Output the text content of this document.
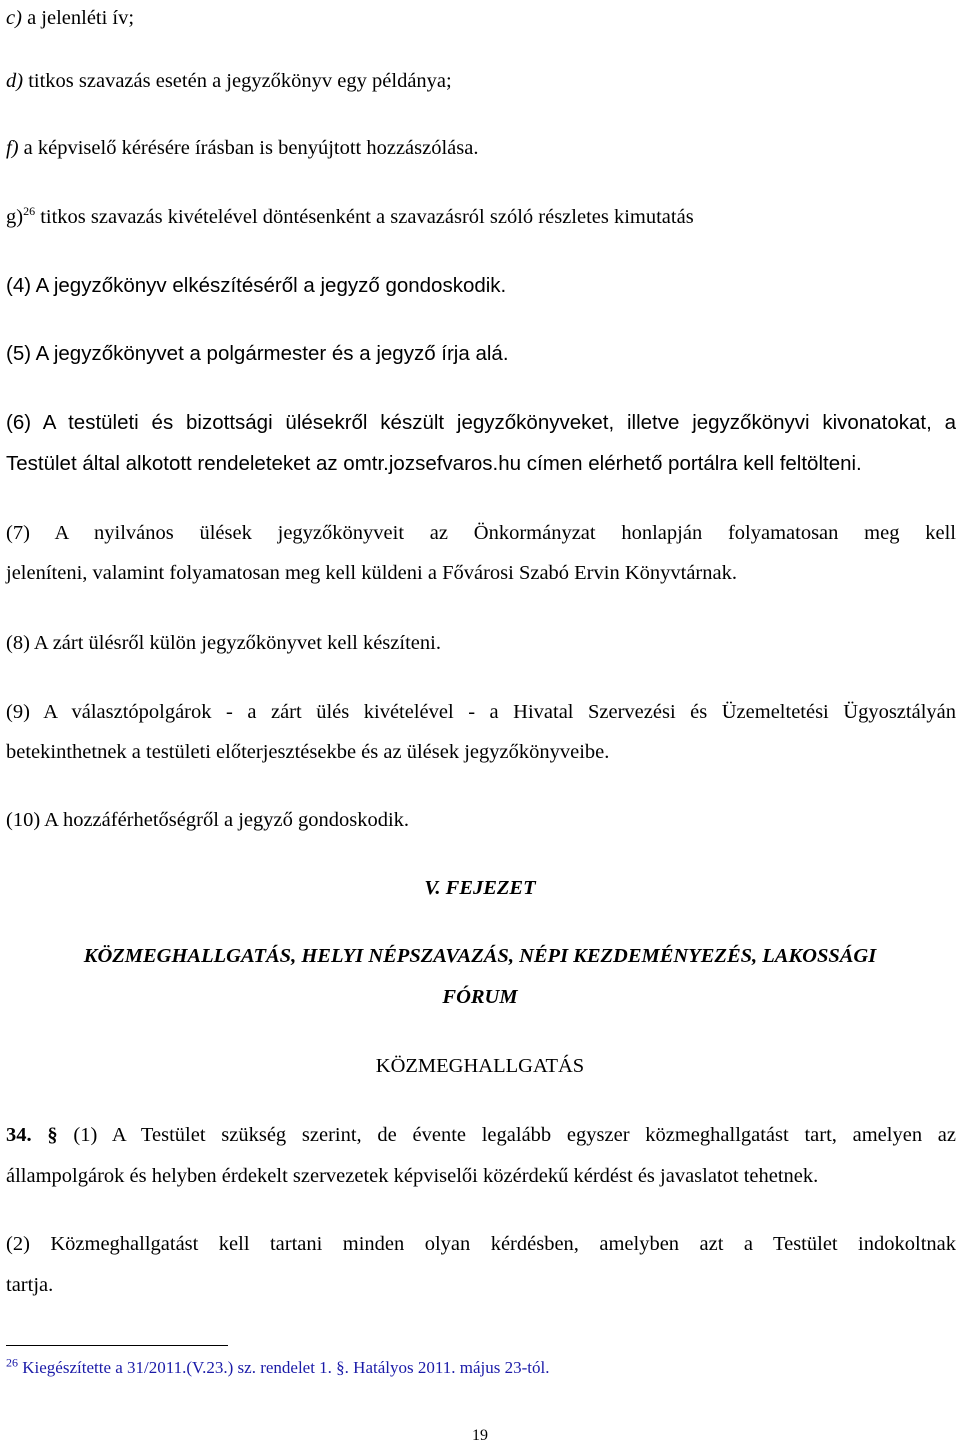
c) a jelenléti ív;

d) titkos szavazás esetén a jegyzőkönyv egy példánya;

f) a képviselő kérésére írásban is benyújtott hozzászólása.

g)$^{26}$ titkos szavazás kivételével döntésenként a szavazásról szóló részletes kimutatás

(4) A jegyzőkönyv elkészítéséről a jegyző gondoskodik.

(5) A jegyzőkönyvet a polgármester és a jegyző írja alá.

(6) A testületi és bizottsági ülésekről készült jegyzőkönyveket, illetve jegyzőkönyvi kivonatokat, a

Testület által alkotott rendeleteket az omtr.jozsefvaros.hu címen elérhető portálra kell feltölteni.

(7) A nyilvános ülések jegyzőkönyveit az Önkormányzat honlapján folyamatosan meg kell

jeleníteni, valamint folyamatosan meg kell küldeni a Fővárosi Szabó Ervin Könyvtárnak.

(8) A zárt ülésről külön jegyzőkönyvet kell készíteni.

(9) A választópolgárok - a zárt ülés kivételével - a Hivatal Szervezési és Üzemeltetési Ügyosztályán

betekinthetnek a testületi előterjesztésekbe és az ülések jegyzőkönyveibe.

(10) A hozzáférhetőségről a jegyző gondoskodik.

V. FEJEZET

KÖZMEGHALLGATÁS, HELYI NÉPSZAVAZÁS, NÉPI KEZDEMÉNYEZÉS, LAKOSSÁGI

FÓRUM

KÖZMEGHALLGATÁS

34. § (1) A Testület szükség szerint, de évente legalább egyszer közmeghallgatást tart, amelyen az

állampolgárok és helyben érdekelt szervezetek képviselői közérdekű kérdést és javaslatot tehetnek.

(2) Közmeghallgatást kell tartani minden olyan kérdésben, amelyben azt a Testület indokoltnak

tartja.

$^{26}$ Kiegészítette a 31/2011.(V.23.) sz. rendelet 1. §. Hatályos 2011. május 23-tól.
19
